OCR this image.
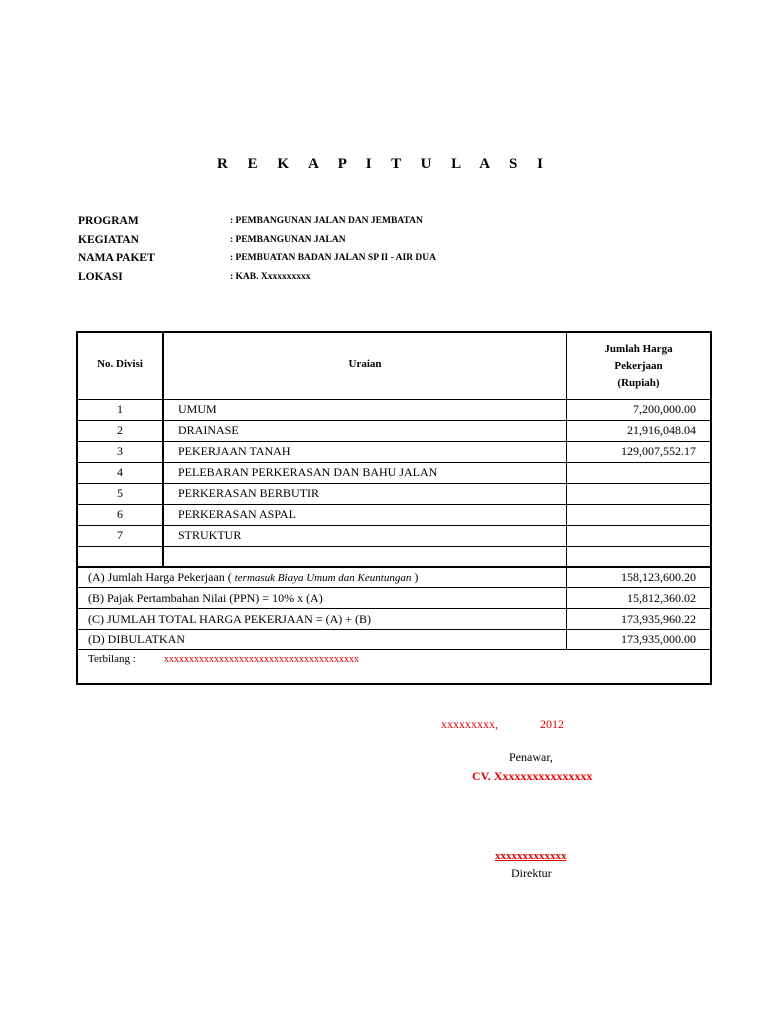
R E K A P I T U L A S I
PROGRAM	: PEMBANGUNAN JALAN DAN JEMBATAN
KEGIATAN	: PEMBANGUNAN JALAN
NAMA PAKET	: PEMBUATAN BADAN JALAN SP II - AIR DUA
LOKASI	: KAB. Xxxxxxxxxx
No. Divisi	Uraian
Jumlah Harga
Pekerjaan
(Rupiah)
1	UMUM	7,200,000.00
2	DRAINASE	21,916,048.04
3	PEKERJAAN TANAH	129,007,552.17
4	PELEBARAN PERKERASAN DAN BAHU JALAN
5	PERKERASAN BERBUTIR
6	PERKERASAN ASPAL
7	STRUKTUR
(A) Jumlah Harga Pekerjaan ( termasuk Biaya Umum dan Keuntungan )	158,123,600.20
(B) Pajak Pertambahan Nilai (PPN) = 10% x (A)	15,812,360.02
(C) JUMLAH TOTAL HARGA PEKERJAAN = (A) + (B)	173,935,960.22
(D) DIBULATKAN	173,935,000.00
Terbilang :	xxxxxxxxxxxxxxxxxxxxxxxxxxxxxxxxxxxxxxx
xxxxxxxxx,	2012
Penawar,
CV. Xxxxxxxxxxxxxxxx
xxxxxxxxxxxxx
Direktur
